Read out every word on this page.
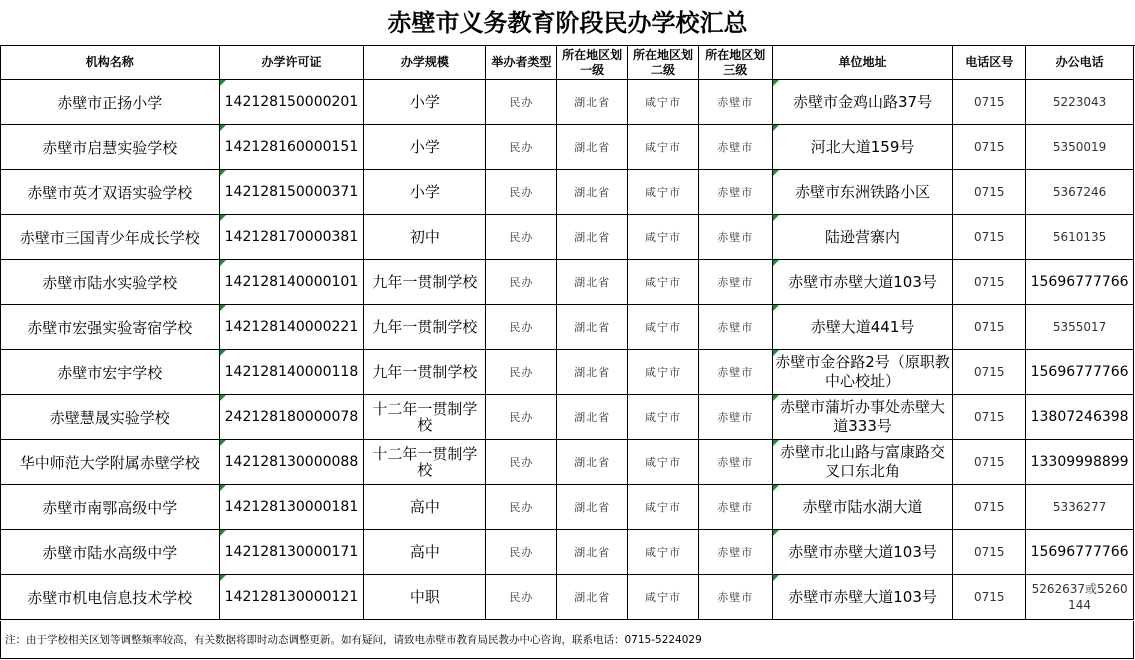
赤壁市义务教育阶段民办学校汇总
机构名称	办学许可证	办学规模	举办者类型	所在地区划一级	所在地区划二级	所在地区划三级	单位地址	电话区号	办公电话
赤壁市正扬小学	142128150000201	小学	民办	湖北省	咸宁市	赤壁市	赤壁市金鸡山路37号	0715	5223043
赤壁市启慧实验学校	142128160000151	小学	民办	湖北省	咸宁市	赤壁市	河北大道159号	0715	5350019
赤壁市英才双语实验学校	142128150000371	小学	民办	湖北省	咸宁市	赤壁市	赤壁市东洲铁路小区	0715	5367246
赤壁市三国青少年成长学校	142128170000381	初中	民办	湖北省	咸宁市	赤壁市	陆逊营寨内	0715	5610135
赤壁市陆水实验学校	142128140000101	九年一贯制学校	民办	湖北省	咸宁市	赤壁市	赤壁市赤壁大道103号	0715	15696777766
赤壁市宏强实验寄宿学校	142128140000221	九年一贯制学校	民办	湖北省	咸宁市	赤壁市	赤壁大道441号	0715	5355017
赤壁市宏宇学校	142128140000118	九年一贯制学校	民办	湖北省	咸宁市	赤壁市	赤壁市金谷路2号（原职教中心校址）	0715	15696777766
赤壁慧晟实验学校	242128180000078	十二年一贯制学校	民办	湖北省	咸宁市	赤壁市	赤壁市蒲圻办事处赤壁大道333号	0715	13807246398
华中师范大学附属赤壁学校	142128130000088	十二年一贯制学校	民办	湖北省	咸宁市	赤壁市	赤壁市北山路与富康路交叉口东北角	0715	13309998899
赤壁市南鄂高级中学	142128130000181	高中	民办	湖北省	咸宁市	赤壁市	赤壁市陆水湖大道	0715	5336277
赤壁市陆水高级中学	142128130000171	高中	民办	湖北省	咸宁市	赤壁市	赤壁市赤壁大道103号	0715	15696777766
赤壁市机电信息技术学校	142128130000121	中职	民办	湖北省	咸宁市	赤壁市	赤壁市赤壁大道103号	0715	5262637或5260144
注：由于学校相关区划等调整频率较高，有关数据将即时动态调整更新。如有疑问，请致电赤壁市教育局民教办中心咨询，联系电话：0715-5224029
